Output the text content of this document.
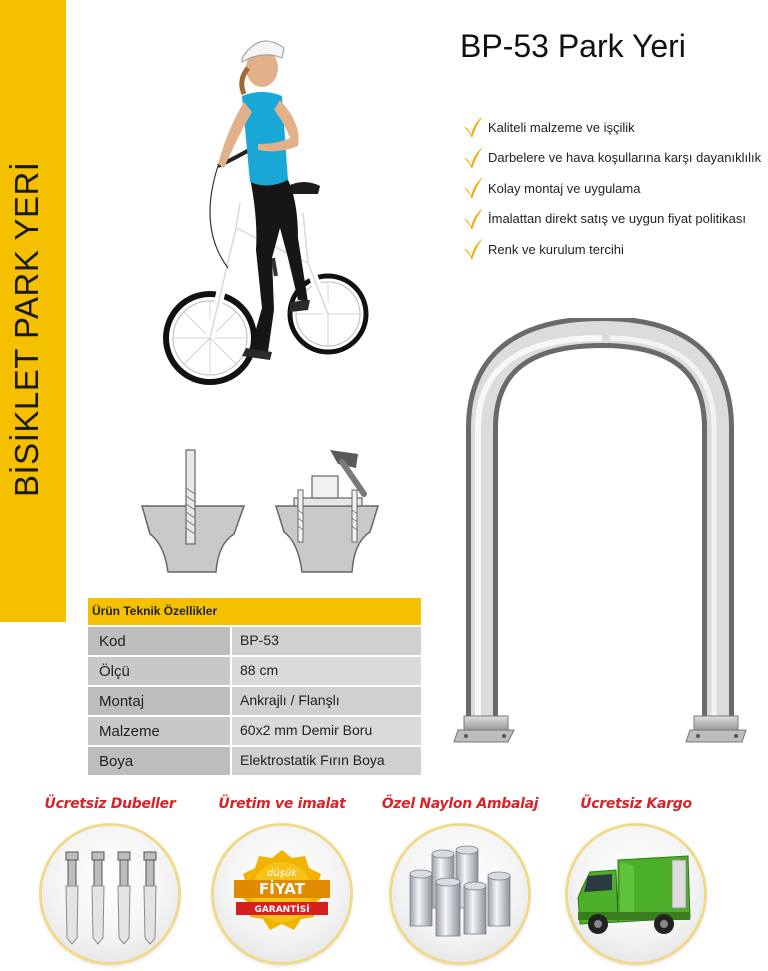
BİSİKLET PARK YERİ
BP-53 Park Yeri
Kaliteli malzeme ve işçilik
Darbelere ve hava koşullarına karşı dayanıklılık
Kolay montaj ve uygulama
İmalattan direkt satış ve uygun fiyat politikası
Renk ve kurulum tercihi
Ürün Teknik Özellikler
Kod	BP-53
Ölçü	88 cm
Montaj	Ankrajlı / Flanşlı
Malzeme	60x2 mm Demir Boru
Boya	Elektrostatik Fırın Boya
Ücretsiz Dubeller	Üretim ve imalat
düşük
FİYAT
GARANTİSİ
Özel Naylon Ambalaj	Ücretsiz Kargo
